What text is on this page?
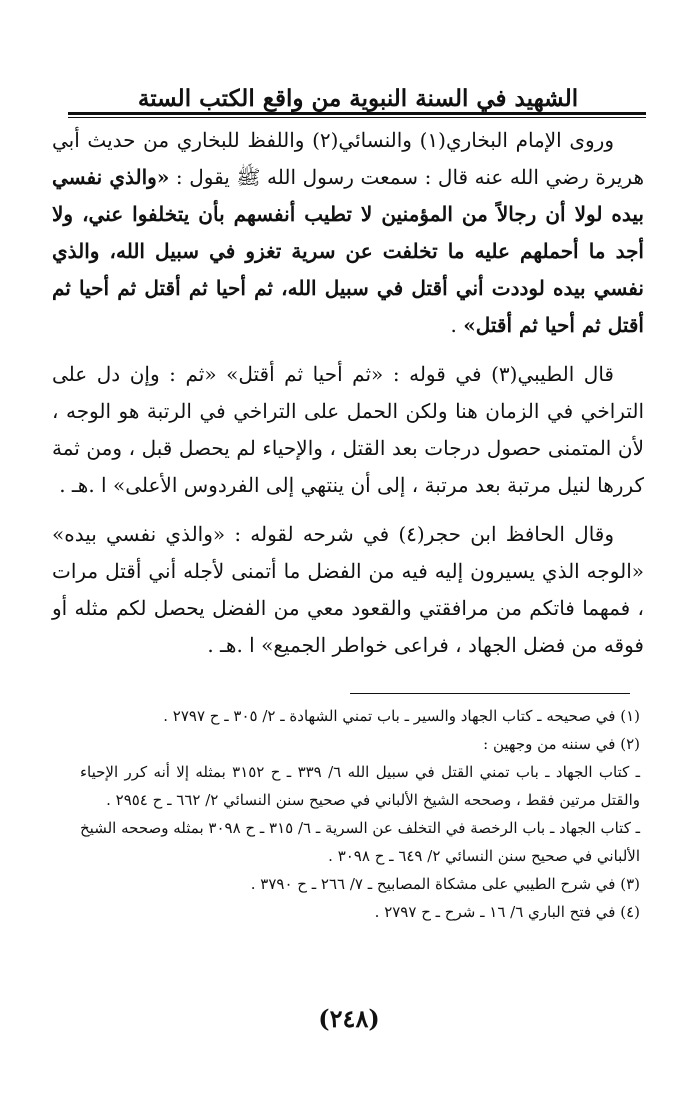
الشهيد في السنة النبوية من واقع الكتب الستة

وروى الإمام البخاري(١) والنسائي(٢) واللفظ للبخاري من حديث أبي هريرة رضي الله عنه قال : سمعت رسول الله ﷺ يقول : «والذي نفسي بيده لولا أن رجالاً من المؤمنين لا تطيب أنفسهم بأن يتخلفوا عني، ولا أجد ما أحملهم عليه ما تخلفت عن سرية تغزو في سبيل الله، والذي نفسي بيده لوددت أني أقتل في سبيل الله، ثم أحيا ثم أقتل ثم أحيا ثم أقتل ثم أحيا ثم أقتل» .

قال الطيبي(٣) في قوله : «ثم أحيا ثم أقتل» «ثم : وإن دل على التراخي في الزمان هنا ولكن الحمل على التراخي في الرتبة هو الوجه ، لأن المتمنى حصول درجات بعد القتل ، والإحياء لم يحصل قبل ، ومن ثمة كررها لنيل مرتبة بعد مرتبة ، إلى أن ينتهي إلى الفردوس الأعلى» ا .هـ .

وقال الحافظ ابن حجر(٤) في شرحه لقوله : «والذي نفسي بيده» «الوجه الذي يسيرون إليه فيه من الفضل ما أتمنى لأجله أني أقتل مرات ، فمهما فاتكم من مرافقتي والقعود معي من الفضل يحصل لكم مثله أو فوقه من فضل الجهاد ، فراعى خواطر الجميع» ا .هـ .

(١) في صحيحه ـ كتاب الجهاد والسير ـ باب تمني الشهادة ـ ٢/ ٣٠٥ ـ ح ٢٧٩٧ .

(٢) في سننه من وجهين :

ـ كتاب الجهاد ـ باب تمني القتل في سبيل الله ٦/ ٣٣٩ ـ ح ٣١٥٢ بمثله إلا أنه كرر الإحياء والقتل مرتين فقط ، وصححه الشيخ الألباني في صحيح سنن النسائي ٢/ ٦٦٢ ـ ح ٢٩٥٤ .

ـ كتاب الجهاد ـ باب الرخصة في التخلف عن السرية ـ ٦/ ٣١٥ ـ ح ٣٠٩٨ بمثله وصححه الشيخ الألباني في صحيح سنن النسائي ٢/ ٦٤٩ ـ ح ٣٠٩٨ .

(٣) في شرح الطيبي على مشكاة المصابيح ـ ٧/ ٢٦٦ ـ ح ٣٧٩٠ .

(٤) في فتح الباري ٦/ ١٦ ـ شرح ـ ح ٢٧٩٧ .

(٢٤٨)
